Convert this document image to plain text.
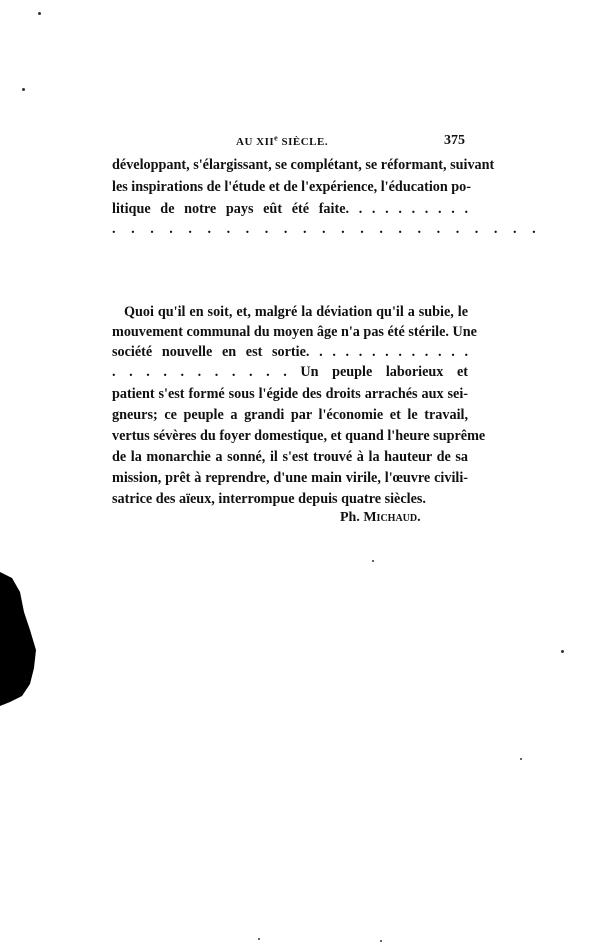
AU XIIe SIÈCLE.	375
développant, s'élargissant, se complétant, se réformant, suivant
les inspirations de l'étude et de l'expérience, l'éducation po-
litique de notre pays eût été faite. . . . . . . . . .
. . . . . . . . . . . . . . . . . . . . . . .
Quoi qu'il en soit, et, malgré la déviation qu'il a subie, le
mouvement communal du moyen âge n'a pas été stérile. Une
société nouvelle en est sortie. . . . . . . . . . . . .
. . . . . . . . . . . Un peuple laborieux et
patient s'est formé sous l'égide des droits arrachés aux sei-
gneurs; ce peuple a grandi par l'économie et le travail,
vertus sévères du foyer domestique, et quand l'heure suprême
de la monarchie a sonné, il s'est trouvé à la hauteur de sa
mission, prêt à reprendre, d'une main virile, l'œuvre civili-
satrice des aïeux, interrompue depuis quatre siècles.
Ph. Michaud.
